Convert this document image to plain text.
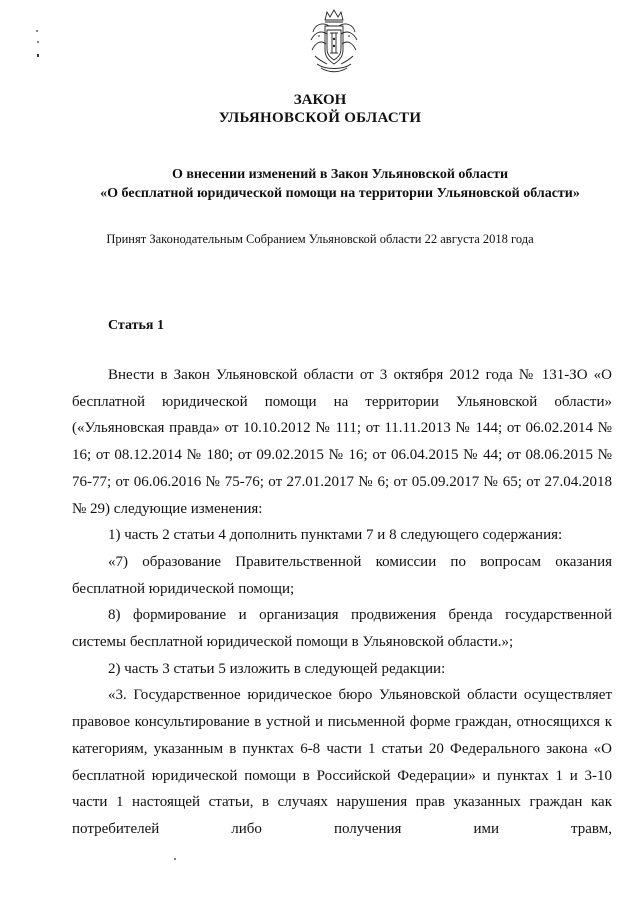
ЗАКОН
УЛЬЯНОВСКОЙ ОБЛАСТИ
О внесении изменений в Закон Ульяновской области
«О бесплатной юридической помощи на территории Ульяновской области»
Принят Законодательным Собранием Ульяновской области 22 августа 2018 года
Статья 1

Внести в Закон Ульяновской области от 3 октября 2012 года № 131-ЗО «О бесплатной юридической помощи на территории Ульяновской области» («Ульяновская правда» от 10.10.2012 № 111; от 11.11.2013 № 144; от 06.02.2014 № 16; от 08.12.2014 № 180; от 09.02.2015 № 16; от 06.04.2015 № 44; от 08.06.2015 № 76-77; от 06.06.2016 № 75-76; от 27.01.2017 № 6; от 05.09.2017 № 65; от 27.04.2018 № 29) следующие изменения:

1) часть 2 статьи 4 дополнить пунктами 7 и 8 следующего содержания:

«7) образование Правительственной комиссии по вопросам оказания бесплатной юридической помощи;

8) формирование и организация продвижения бренда государственной системы бесплатной юридической помощи в Ульяновской области.»;

2) часть 3 статьи 5 изложить в следующей редакции:

«3. Государственное юридическое бюро Ульяновской области осуществляет правовое консультирование в устной и письменной форме граждан, относящихся к категориям, указанным в пунктах 6-8 части 1 статьи 20 Федерального закона «О бесплатной юридической помощи в Российской Федерации» и пунктах 1 и 3-10 части 1 настоящей статьи, в случаях нарушения прав указанных граждан как потребителей либо получения ими травм,
